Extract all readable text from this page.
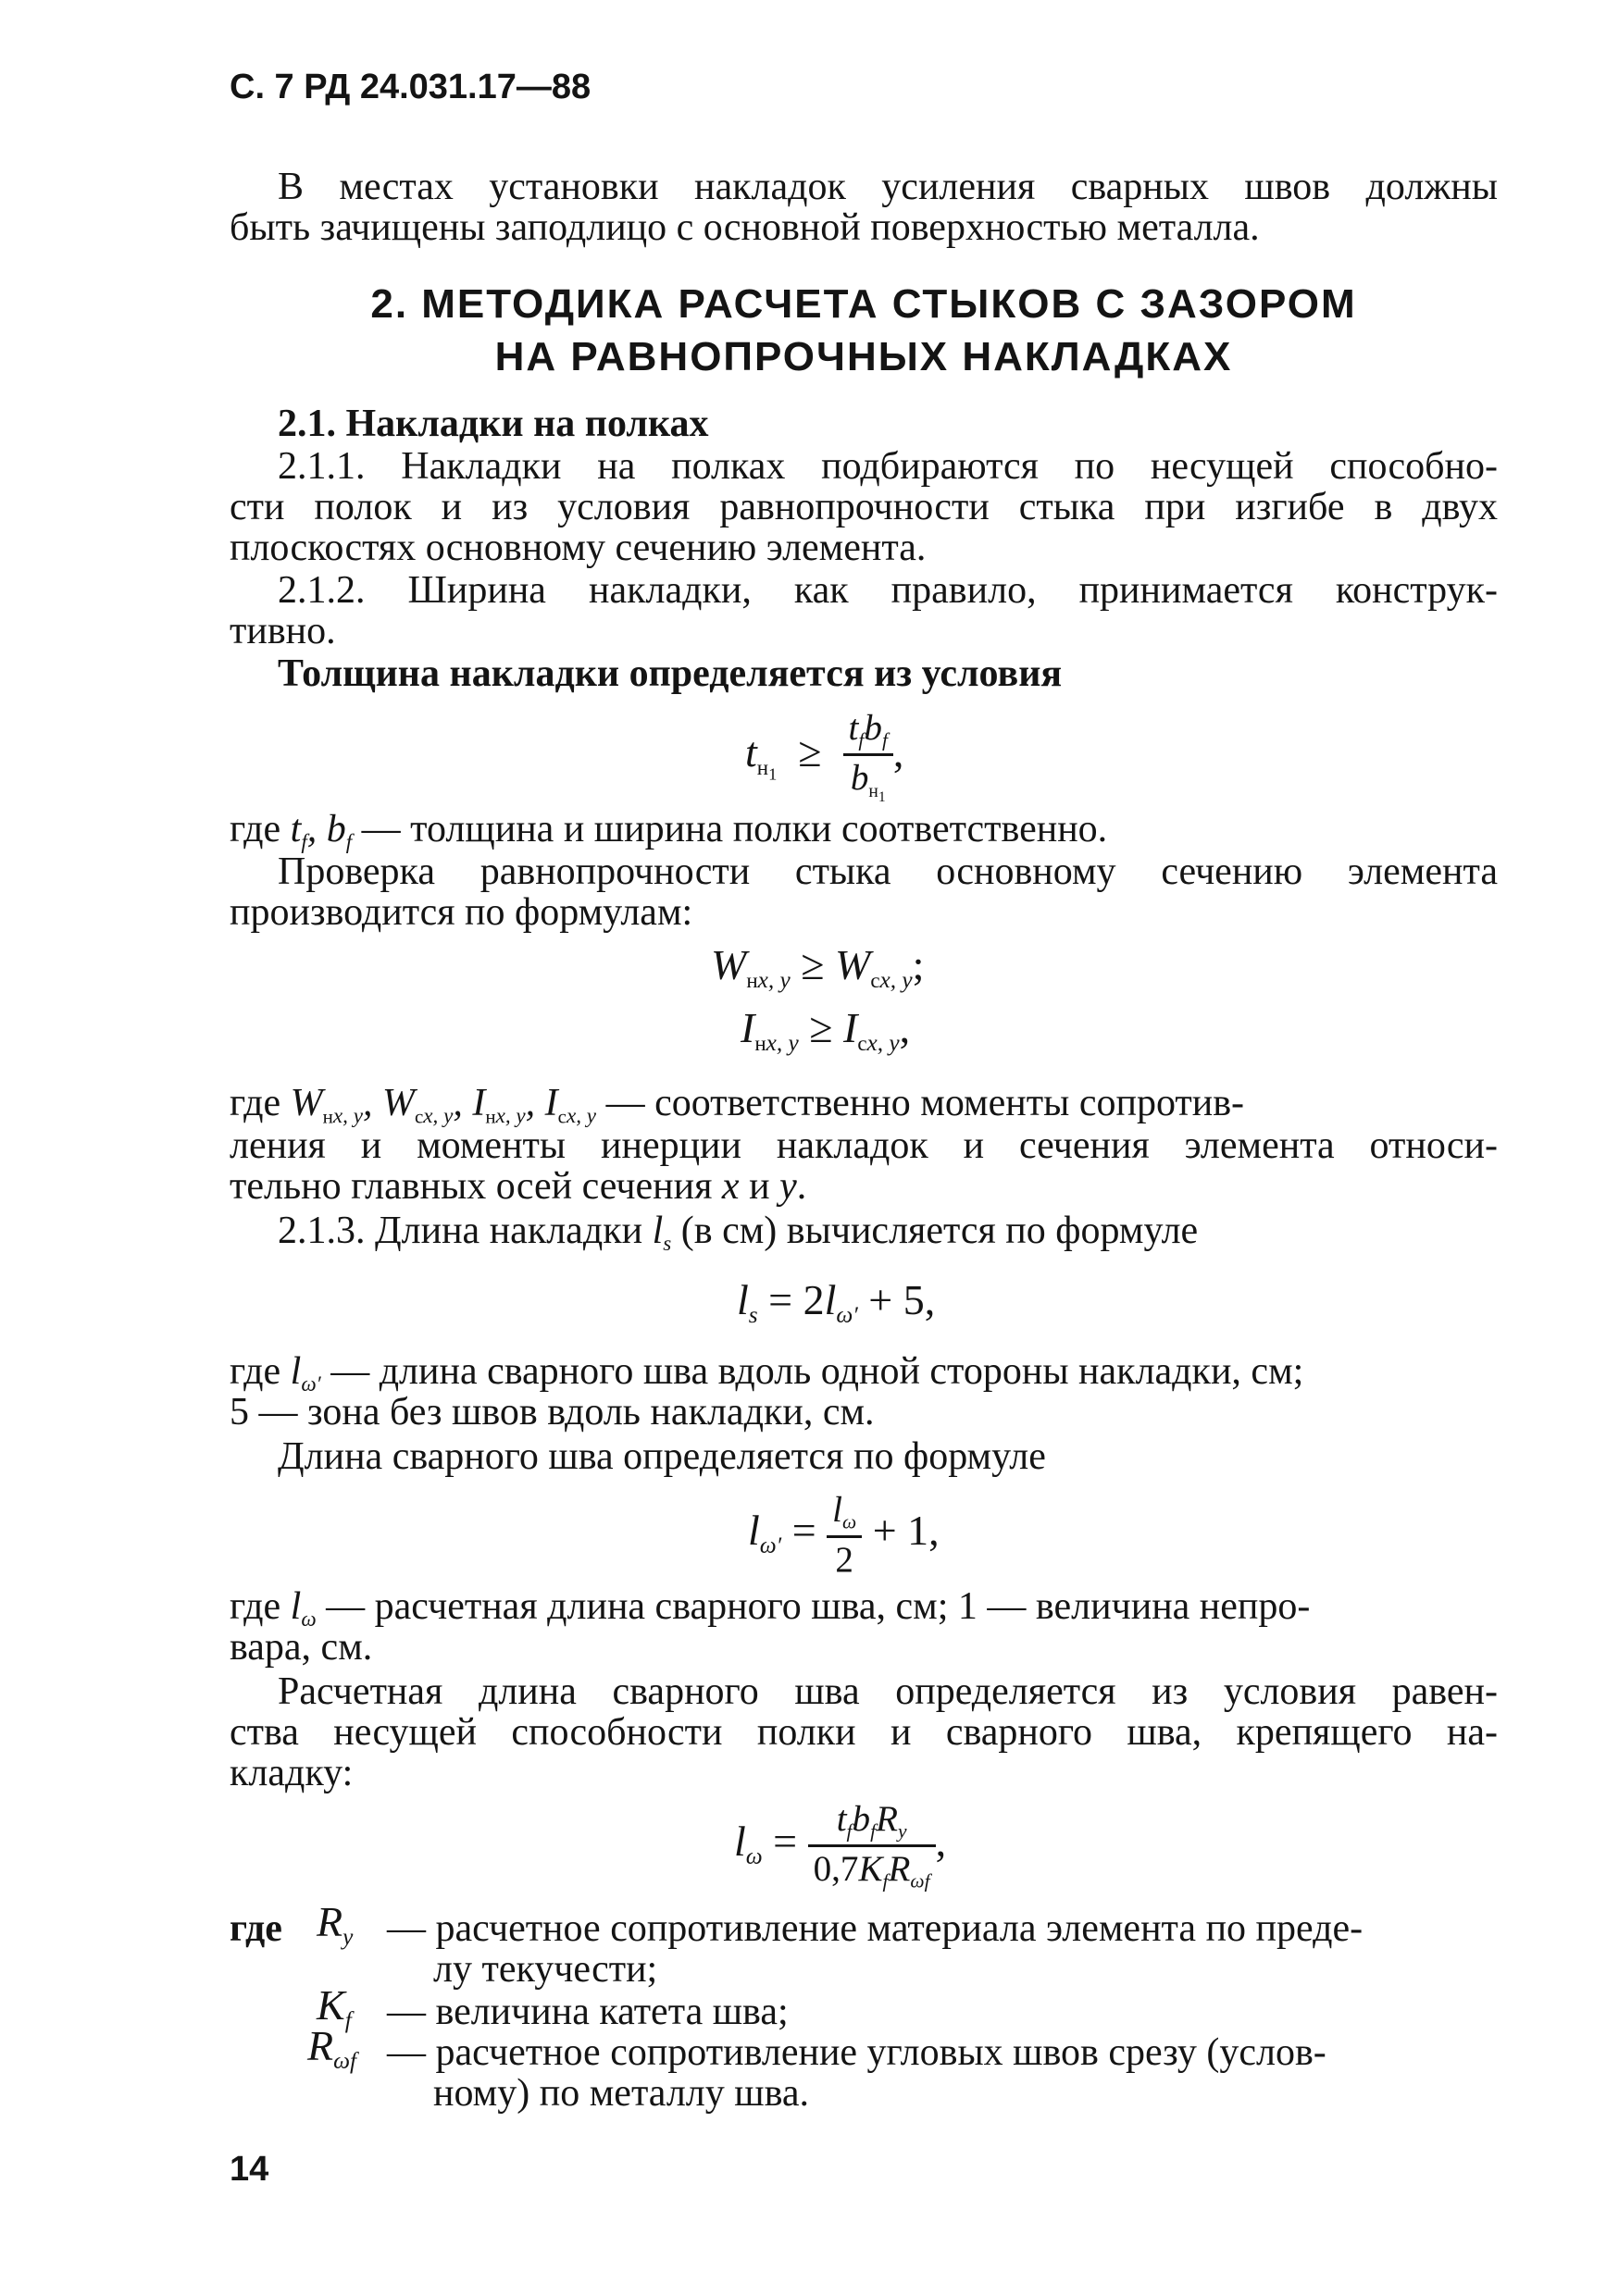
С. 7 РД 24.031.17—88
В местах установки накладок усиления сварных швов должны
быть зачищены заподлицо с основной поверхностью металла.
2. МЕТОДИКА РАСЧЕТА СТЫКОВ С ЗАЗОРОМ
НА РАВНОПРОЧНЫХ НАКЛАДКАХ
2.1. Накладки на полках
2.1.1. Накладки на полках подбираются по несущей способно-
сти полок и из условия равнопрочности стыка при изгибе в двух
плоскостях основному сечению элемента.
2.1.2. Ширина накладки, как правило, принимается конструк-
тивно.
Толщина накладки определяется из условия
$tн_1 \ge \frac{t_fb_f}{b_{н_1}}$ ,
где $t_f$, $b_f$ — толщина и ширина полки соответственно.
Проверка равнопрочности стыка основному сечению элемента
производится по формулам:
$Wн_{x, y} \ge Wс_{x, y}$;
$Iн_{x, y} \ge Iс_{x, y}$,
где $W_{нx, y}$, $W_{сx, y}$, $I_{нx, y}$, $I_{сx, y}$ — соответственно моменты сопротив-
ления и моменты инерции накладок и сечения элемента относи-
тельно главных осей сечения x и y.
2.1.3. Длина накладки $l_s$ (в см) вычисляется по формуле
$l_s = 2l_{\omega'} + 5$,
где $l_{\omega'}$ — длина сварного шва вдоль одной стороны накладки, см;
5 — зона без швов вдоль накладки, см.
Длина сварного шва определяется по формуле
$l_{\omega'} = \frac{l_\omega}{2} + 1$,
где $l_\omega$ — расчетная длина сварного шва, см; 1 — величина непро-
вара, см.
Расчетная длина сварного шва определяется из условия равен-
ства несущей способности полки и сварного шва, крепящего на-
кладку:
$l_\omega = \frac{t_fb_fR_y}{0,7K_fR_{\omega f}}$ ,
где $R_y$ — расчетное сопротивление материала элемента по преде-
лу текучести;
$K_f$ — величина катета шва;
$R_{\omega f}$ — расчетное сопротивление угловых швов срезу (услов-
ному) по металлу шва.
14
